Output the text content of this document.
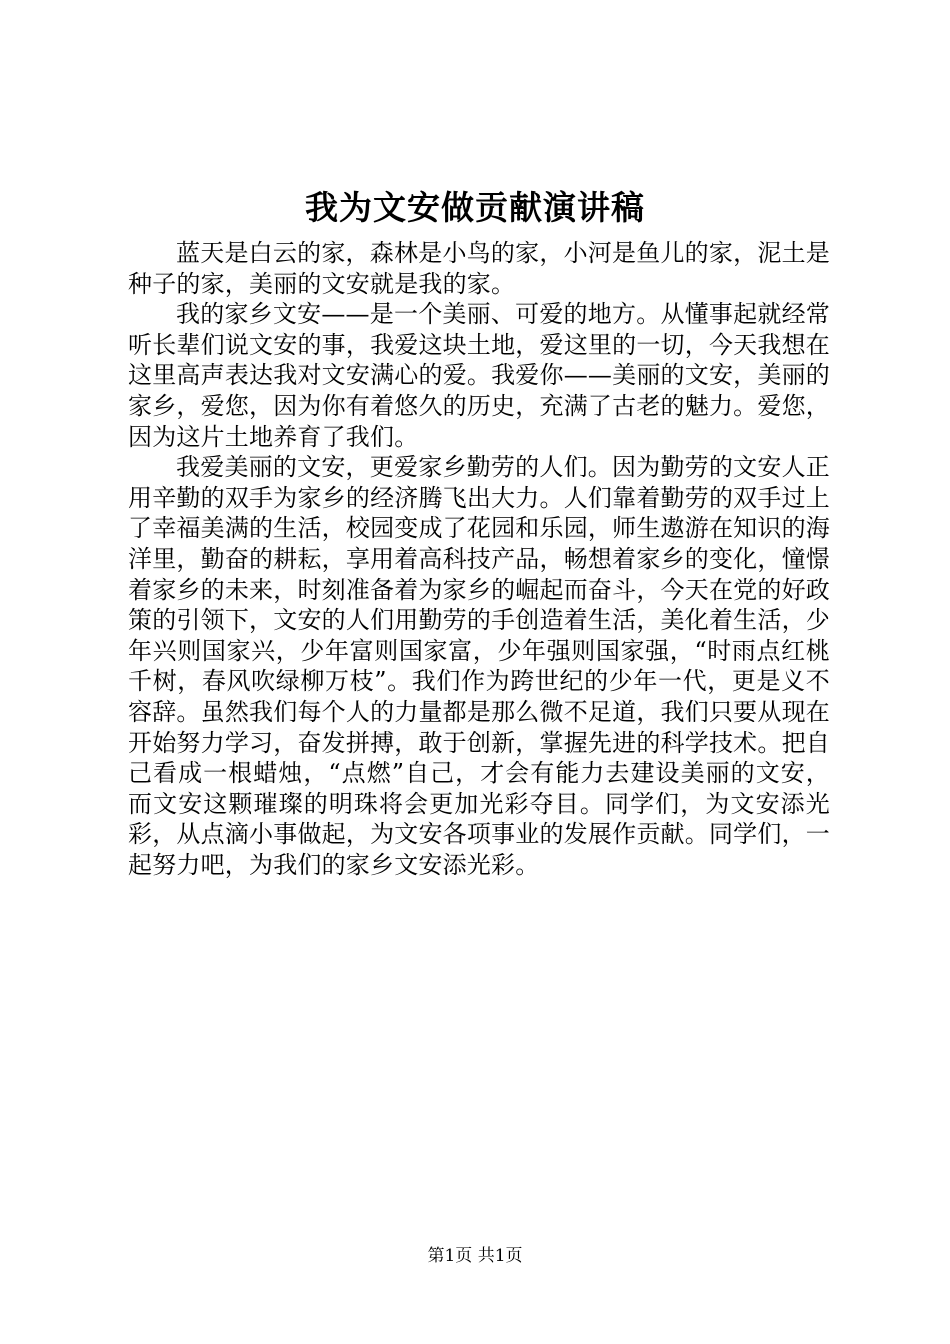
我为文安做贡献演讲稿

蓝天是白云的家，森林是小鸟的家，小河是鱼儿的家，泥土是种子的家，美丽的文安就是我的家。

我的家乡文安——是一个美丽、可爱的地方。从懂事起就经常听长辈们说文安的事，我爱这块土地，爱这里的一切，今天我想在这里高声表达我对文安满心的爱。我爱你——美丽的文安，美丽的家乡，爱您，因为你有着悠久的历史，充满了古老的魅力。爱您，因为这片土地养育了我们。

我爱美丽的文安，更爱家乡勤劳的人们。因为勤劳的文安人正用辛勤的双手为家乡的经济腾飞出大力。人们靠着勤劳的双手过上了幸福美满的生活，校园变成了花园和乐园，师生遨游在知识的海洋里，勤奋的耕耘，享用着高科技产品，畅想着家乡的变化，憧憬着家乡的未来，时刻准备着为家乡的崛起而奋斗，今天在党的好政策的引领下，文安的人们用勤劳的手创造着生活，美化着生活，少年兴则国家兴，少年富则国家富，少年强则国家强，“时雨点红桃千树，春风吹绿柳万枝”。我们作为跨世纪的少年一代，更是义不容辞。虽然我们每个人的力量都是那么微不足道，我们只要从现在开始努力学习，奋发拼搏，敢于创新，掌握先进的科学技术。把自己看成一根蜡烛，“点燃”自己，才会有能力去建设美丽的文安，而文安这颗璀璨的明珠将会更加光彩夺目。同学们，为文安添光彩，从点滴小事做起，为文安各项事业的发展作贡献。同学们，一起努力吧，为我们的家乡文安添光彩。

第1页 共1页
